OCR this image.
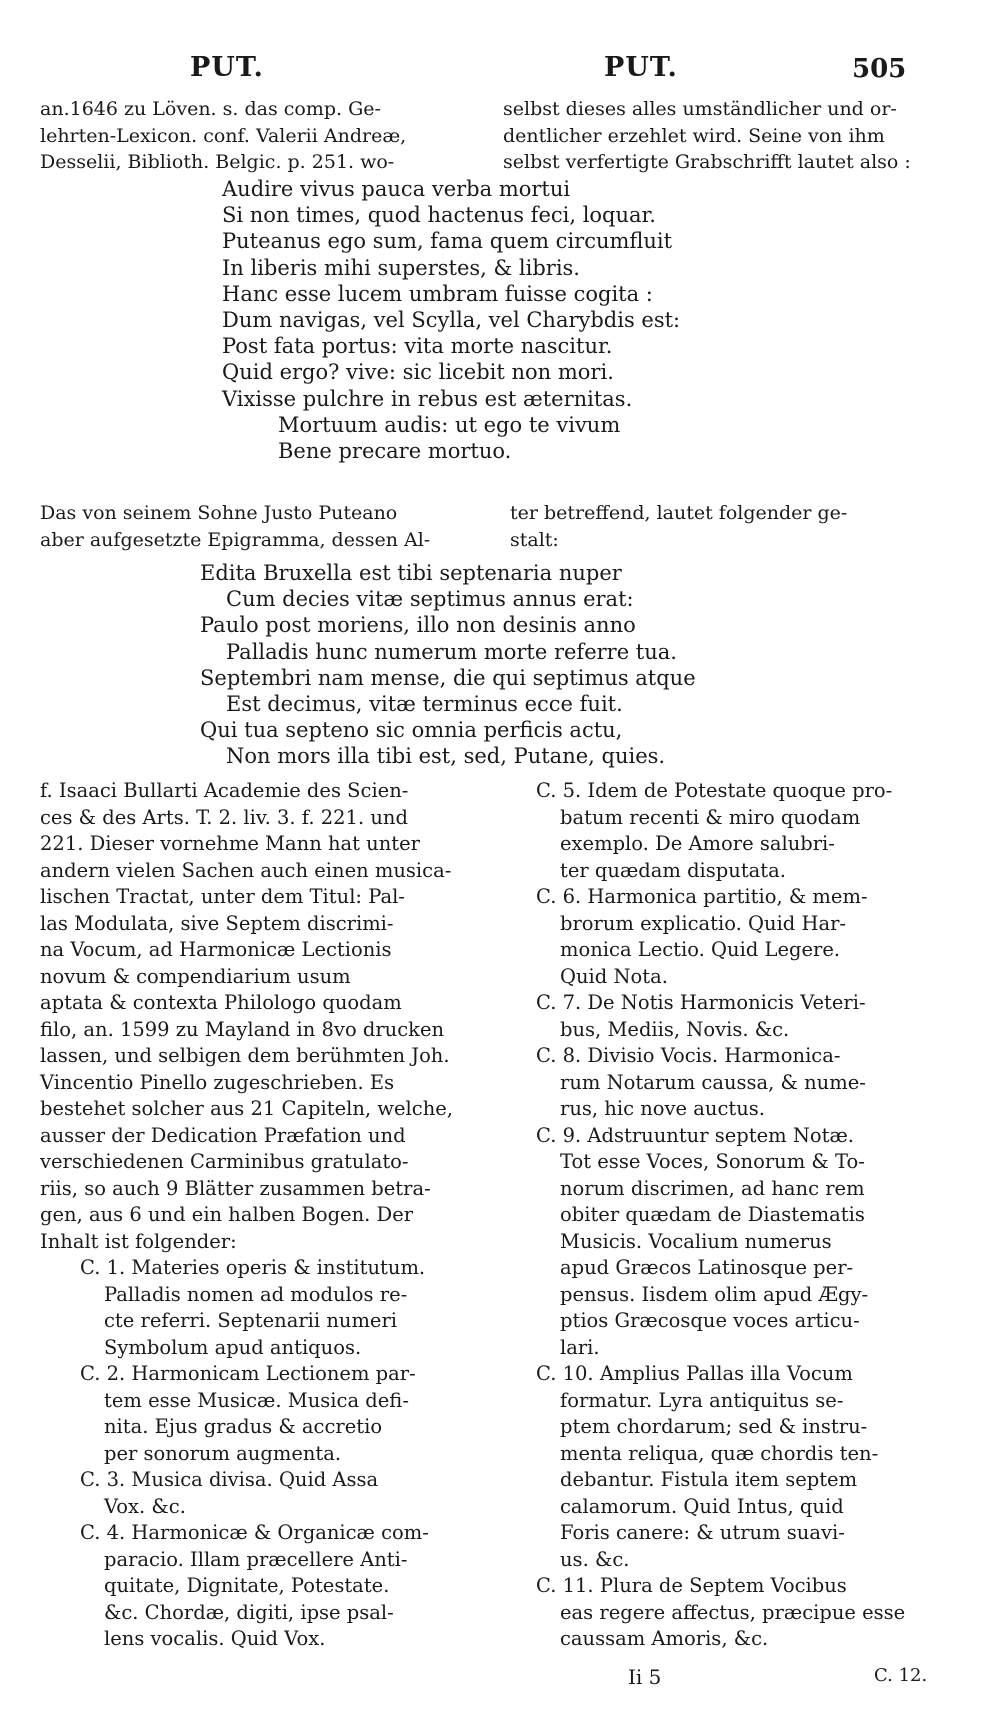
PUT.	PUT.	505
an.1646 zu Löven. s. das comp. Ge-
lehrten-Lexicon. conf. Valerii Andreæ,
Desselii, Biblioth. Belgic. p. 251. wo-
selbst dieses alles umständlicher und or-
dentlicher erzehlet wird. Seine von ihm
selbst verfertigte Grabschrifft lautet also :
Audire vivus pauca verba mortui
Si non times, quod hactenus feci, loquar.
Puteanus ego sum, fama quem circumfluit
In liberis mihi superstes, & libris.
Hanc esse lucem umbram fuisse cogita :
Dum navigas, vel Scylla, vel Charybdis est:
Post fata portus: vita morte nascitur.
Quid ergo? vive: sic licebit non mori.
Vixisse pulchre in rebus est æternitas.
Mortuum audis: ut ego te vivum
Bene precare mortuo.
Das von seinem Sohne Justo Puteano
aber aufgesetzte Epigramma, dessen Al-
ter betreffend, lautet folgender ge-
stalt:
Edita Bruxella est tibi septenaria nuper
Cum decies vitæ septimus annus erat:
Paulo post moriens, illo non desinis anno
Palladis hunc numerum morte referre tua.
Septembri nam mense, die qui septimus atque
Est decimus, vitæ terminus ecce fuit.
Qui tua septeno sic omnia perficis actu,
Non mors illa tibi est, sed, Putane, quies.
f. Isaaci Bullarti Academie des Scien-
ces & des Arts. T. 2. liv. 3. f. 221. und
221. Dieser vornehme Mann hat unter
andern vielen Sachen auch einen musica-
lischen Tractat, unter dem Titul: Pal-
las Modulata, sive Septem discrimi-
na Vocum, ad Harmonicæ Lectionis
novum & compendiarium usum
aptata & contexta Philologo quodam
filo, an. 1599 zu Mayland in 8vo drucken
lassen, und selbigen dem berühmten Joh.
Vincentio Pinello zugeschrieben. Es
bestehet solcher aus 21 Capiteln, welche,
ausser der Dedication Præfation und
verschiedenen Carminibus gratulato-
riis, so auch 9 Blätter zusammen betra-
gen, aus 6 und ein halben Bogen. Der
Inhalt ist folgender:
C. 1. Materies operis & institutum.
Palladis nomen ad modulos re-
cte referri. Septenarii numeri
Symbolum apud antiquos.
C. 2. Harmonicam Lectionem par-
tem esse Musicæ. Musica defi-
nita. Ejus gradus & accretio
per sonorum augmenta.
C. 3. Musica divisa. Quid Assa
Vox. &c.
C. 4. Harmonicæ & Organicæ com-
paracio. Illam præcellere Anti-
quitate, Dignitate, Potestate.
&c. Chordæ, digiti, ipse psal-
lens vocalis. Quid Vox.
C. 5. Idem de Potestate quoque pro-
batum recenti & miro quodam
exemplo. De Amore salubri-
ter quædam disputata.
C. 6. Harmonica partitio, & mem-
brorum explicatio. Quid Har-
monica Lectio. Quid Legere.
Quid Nota.
C. 7. De Notis Harmonicis Veteri-
bus, Mediis, Novis. &c.
C. 8. Divisio Vocis. Harmonica-
rum Notarum caussa, & nume-
rus, hic nove auctus.
C. 9. Adstruuntur septem Notæ.
Tot esse Voces, Sonorum & To-
norum discrimen, ad hanc rem
obiter quædam de Diastematis
Musicis. Vocalium numerus
apud Græcos Latinosque per-
pensus. Iisdem olim apud Ægy-
ptios Græcosque voces articu-
lari.
C. 10. Amplius Pallas illa Vocum
formatur. Lyra antiquitus se-
ptem chordarum; sed & instru-
menta reliqua, quæ chordis ten-
debantur. Fistula item septem
calamorum. Quid Intus, quid
Foris canere: & utrum suavi-
us. &c.
C. 11. Plura de Septem Vocibus
eas regere affectus, præcipue esse
caussam Amoris, &c.
Ii 5	C. 12.
